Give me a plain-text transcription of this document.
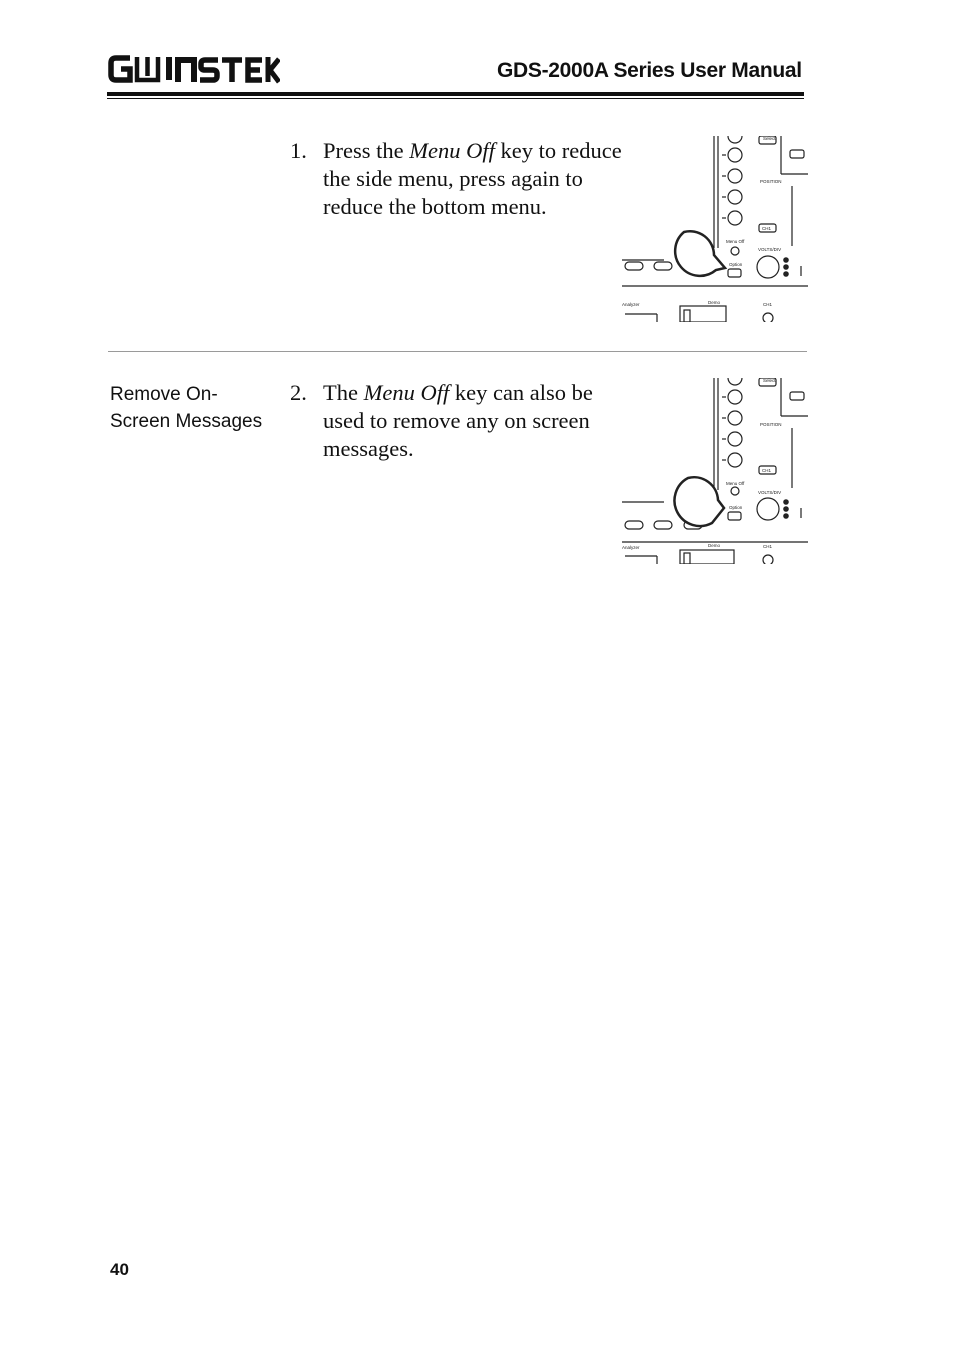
GDS-2000A Series User Manual
1. Press the Menu Off key to reduce the side menu, press again to reduce the bottom menu.
Select
POSITION
CH1
Menu Off
VOLTS/DIV
Option
Analyzer	Demo	CH1
Remove On-
Screen Messages
2. The Menu Off key can also be used to remove any on screen messages.
Select
POSITION
CH1
Menu Off
VOLTS/DIV
Option
Analyzer	Demo	CH1
40
